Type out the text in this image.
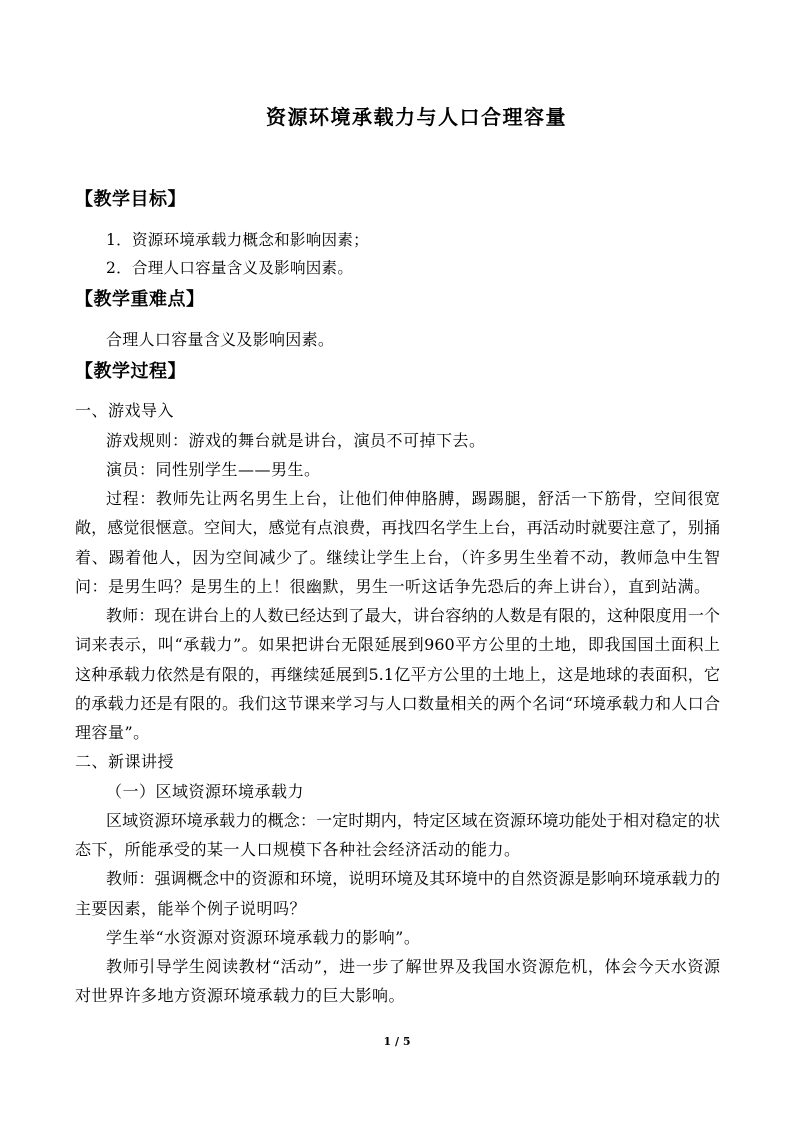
资源环境承载力与人口合理容量
【教学目标】
1．资源环境承载力概念和影响因素；
2．合理人口容量含义及影响因素。
【教学重难点】
合理人口容量含义及影响因素。
【教学过程】
一、游戏导入
游戏规则：游戏的舞台就是讲台，演员不可掉下去。
演员：同性别学生——男生。
过程：教师先让两名男生上台，让他们伸伸胳膊，踢踢腿，舒活一下筋骨，空间很宽
敞，感觉很惬意。空间大，感觉有点浪费，再找四名学生上台，再活动时就要注意了，别捅
着、踢着他人，因为空间减少了。继续让学生上台，（许多男生坐着不动，教师急中生智
问：是男生吗？是男生的上！很幽默，男生一听这话争先恐后的奔上讲台），直到站满。
教师：现在讲台上的人数已经达到了最大，讲台容纳的人数是有限的，这种限度用一个
词来表示，叫“承载力”。如果把讲台无限延展到960平方公里的土地，即我国国土面积上
这种承载力依然是有限的，再继续延展到5.1亿平方公里的土地上，这是地球的表面积，它
的承载力还是有限的。我们这节课来学习与人口数量相关的两个名词“环境承载力和人口合
理容量”。
二、新课讲授
（一）区域资源环境承载力
区域资源环境承载力的概念：一定时期内，特定区域在资源环境功能处于相对稳定的状
态下，所能承受的某一人口规模下各种社会经济活动的能力。
教师：强调概念中的资源和环境，说明环境及其环境中的自然资源是影响环境承载力的
主要因素，能举个例子说明吗？
学生举“水资源对资源环境承载力的影响”。
教师引导学生阅读教材“活动”，进一步了解世界及我国水资源危机，体会今天水资源
对世界许多地方资源环境承载力的巨大影响。
1 / 5
